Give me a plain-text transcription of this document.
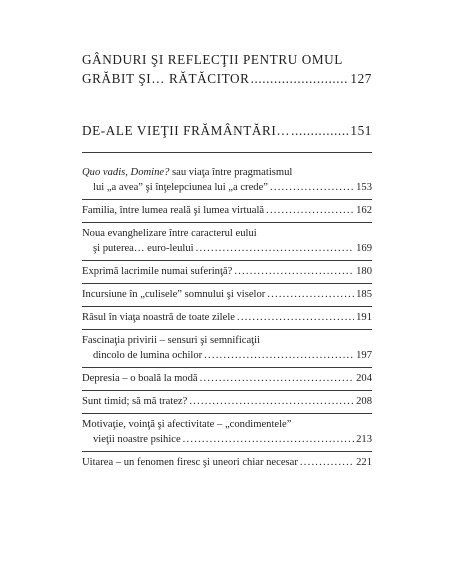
GÂNDURI ŞI REFLECŢII PENTRU OMUL
GRĂBIT ŞI… RĂTĂCITOR .....	127
DE-ALE VIEŢII FRĂMÂNTĂRI… .....	151
Quo vadis, Domine? sau viaţa între pragmatismul
lui „a avea” şi înţelepciunea lui „a crede” .....	153
Familia, între lumea reală şi lumea virtuală .....	162
Noua evanghelizare între caracterul eului
şi puterea… euro-leului .....	169
Exprimă lacrimile numai suferinţă? .....	180
Incursiune în „culisele” somnului şi viselor .....	185
Râsul în viaţa noastră de toate zilele .....	191
Fascinaţia privirii – sensuri şi semnificaţii
dincolo de lumina ochilor .....	197
Depresia – o boală la modă .....	204
Sunt timid; să mă tratez? .....	208
Motivaţie, voinţă şi afectivitate – „condimentele”
vieţii noastre psihice .....	213
Uitarea – un fenomen firesc şi uneori chiar necesar .....	221
